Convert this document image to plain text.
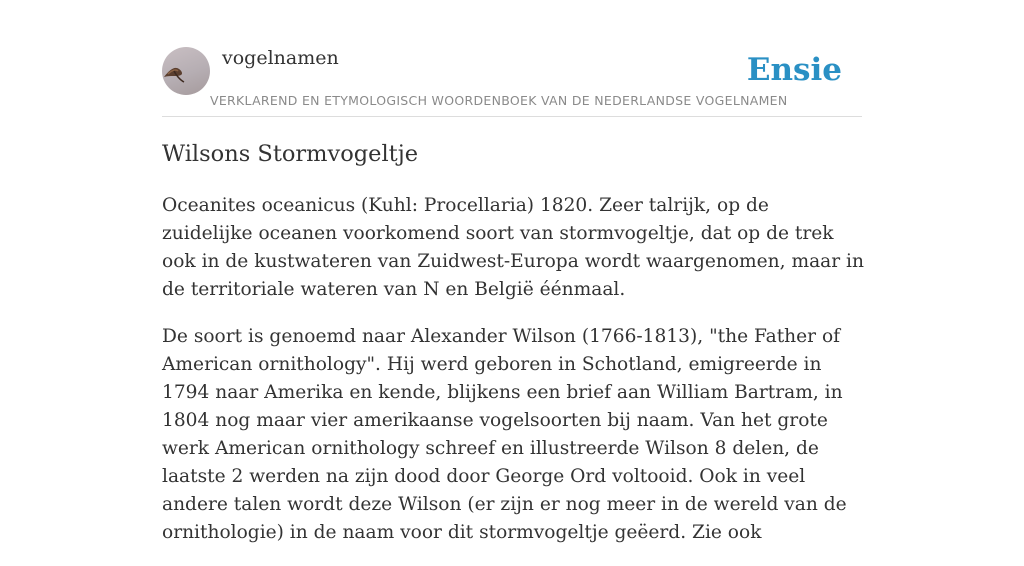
vogelnamen	Ensie
VERKLAREND EN ETYMOLOGISCH WOORDENBOEK VAN DE NEDERLANDSE VOGELNAMEN
Wilsons Stormvogeltje

Oceanites oceanicus (Kuhl: Procellaria) 1820. Zeer talrijk, op de zuidelijke oceanen voorkomend soort van stormvogeltje, dat op de trek ook in de kustwateren van Zuidwest-Europa wordt waargenomen, maar in de territoriale wateren van N en België éénmaal.

De soort is genoemd naar Alexander Wilson (1766-1813), "the Father of American ornithology". Hij werd geboren in Schotland, emigreerde in 1794 naar Amerika en kende, blijkens een brief aan William Bartram, in 1804 nog maar vier amerikaanse vogelsoorten bij naam. Van het grote werk American ornithology schreef en illustreerde Wilson 8 delen, de laatste 2 werden na zijn dood door George Ord voltooid. Ook in veel andere talen wordt deze Wilson (er zijn er nog meer in de wereld van de ornithologie) in de naam voor dit stormvogeltje geëerd. Zie ook
